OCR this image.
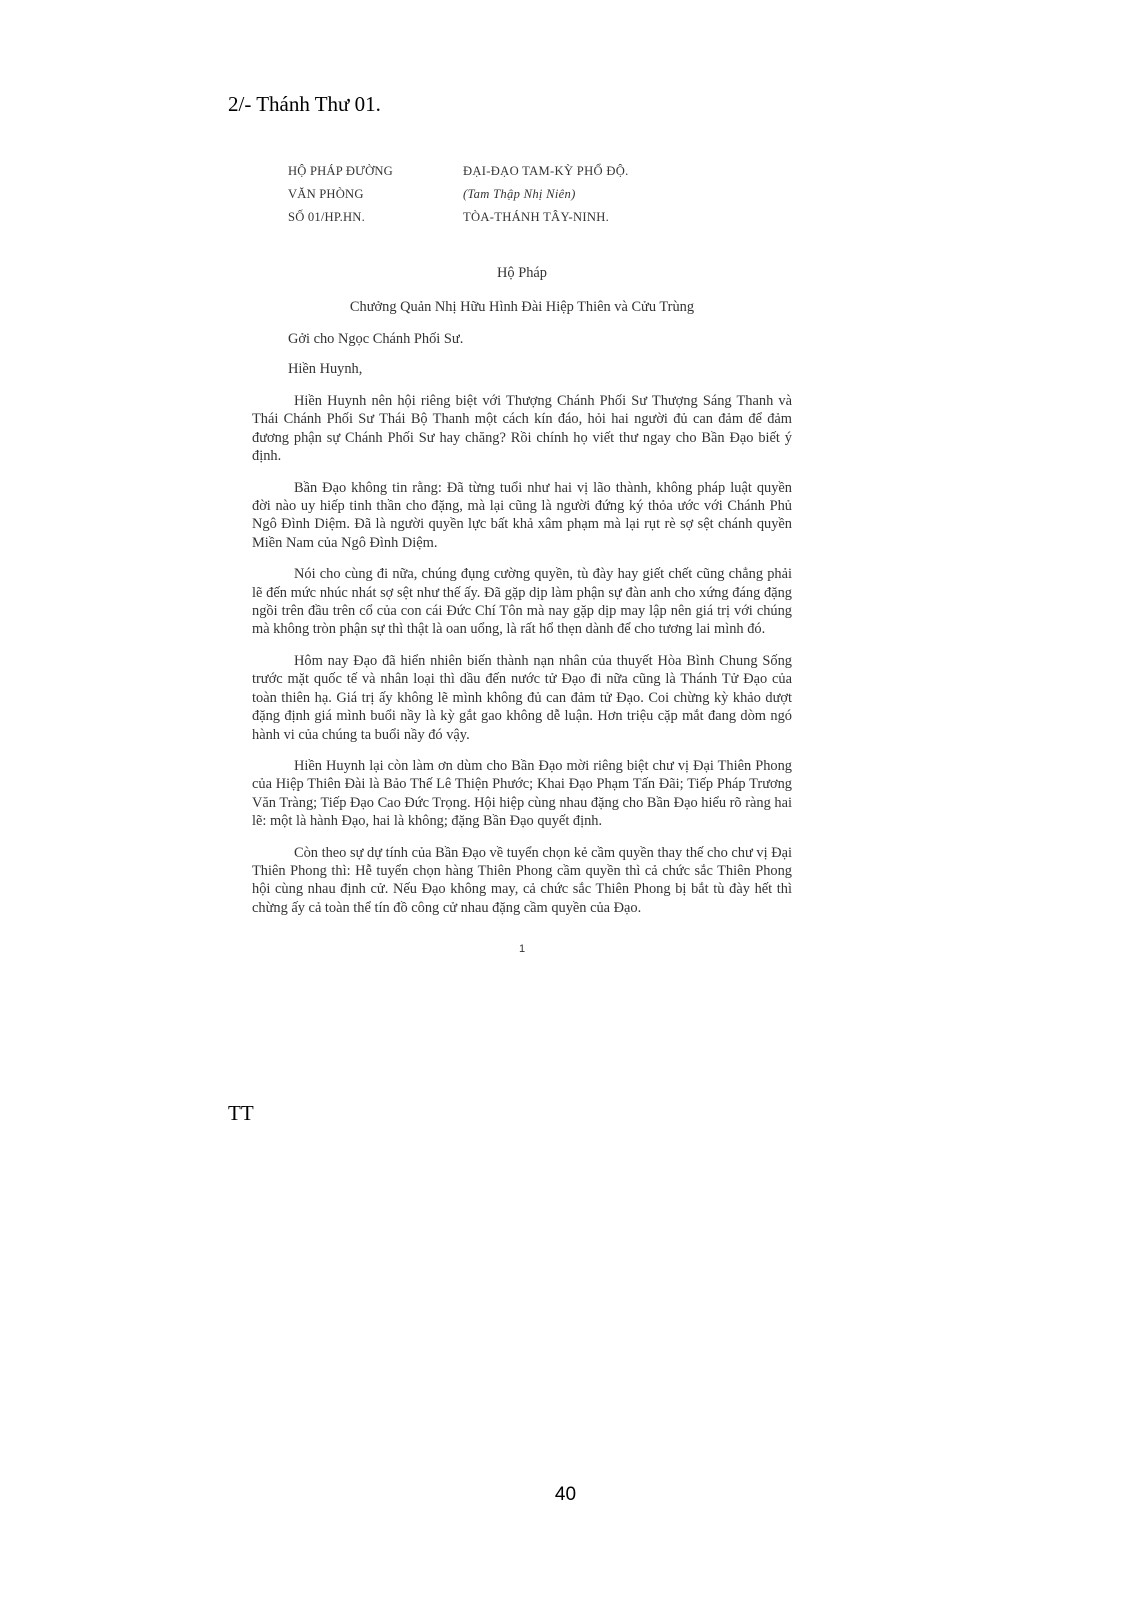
2/- Thánh Thư 01.
HỘ PHÁP ĐƯỜNG	ĐẠI-ĐẠO TAM-KỲ PHỔ ĐỘ.
VĂN PHÒNG	(Tam Thập Nhị Niên)
SỐ 01/HP.HN.	TÒA-THÁNH TÂY-NINH.
Hộ Pháp
Chưởng Quản Nhị Hữu Hình Đài Hiệp Thiên và Cửu Trùng
Gởi cho Ngọc Chánh Phối Sư.
Hiền Huynh,
Hiền Huynh nên hội riêng biệt với Thượng Chánh Phối Sư Thượng Sáng Thanh và Thái Chánh Phối Sư Thái Bộ Thanh một cách kín đáo, hỏi hai người đủ can đảm để đảm đương phận sự Chánh Phối Sư hay chăng? Rồi chính họ viết thư ngay cho Bần Đạo biết ý định.
Bần Đạo không tin rằng: Đã từng tuổi như hai vị lão thành, không pháp luật quyền đời nào uy hiếp tinh thần cho đặng, mà lại cũng là người đứng ký thỏa ước với Chánh Phủ Ngô Đình Diệm. Đã là người quyền lực bất khả xâm phạm mà lại rụt rè sợ sệt chánh quyền Miền Nam của Ngô Đình Diệm.
Nói cho cùng đi nữa, chúng đụng cường quyền, tù đày hay giết chết cũng chẳng phải lẽ đến mức nhúc nhát sợ sệt như thế ấy. Đã gặp dịp làm phận sự đàn anh cho xứng đáng đặng ngồi trên đầu trên cổ của con cái Đức Chí Tôn mà nay gặp dịp may lập nên giá trị với chúng mà không tròn phận sự thì thật là oan uổng, là rất hổ thẹn dành để cho tương lai mình đó.
Hôm nay Đạo đã hiển nhiên biến thành nạn nhân của thuyết Hòa Bình Chung Sống trước mặt quốc tế và nhân loại thì dầu đến nước tử Đạo đi nữa cũng là Thánh Tử Đạo của toàn thiên hạ. Giá trị ấy không lẽ mình không đủ can đảm tử Đạo. Coi chừng kỳ khảo dượt đặng định giá mình buổi nầy là kỳ gắt gao không dễ luận. Hơn triệu cặp mắt đang dòm ngó hành vi của chúng ta buổi nầy đó vậy.
Hiền Huynh lại còn làm ơn dùm cho Bần Đạo mời riêng biệt chư vị Đại Thiên Phong của Hiệp Thiên Đài là Bảo Thế Lê Thiện Phước; Khai Đạo Phạm Tấn Đãi; Tiếp Pháp Trương Văn Tràng; Tiếp Đạo Cao Đức Trọng. Hội hiệp cùng nhau đặng cho Bần Đạo hiểu rõ ràng hai lẽ: một là hành Đạo, hai là không; đặng Bần Đạo quyết định.
Còn theo sự dự tính của Bần Đạo về tuyển chọn kẻ cầm quyền thay thế cho chư vị Đại Thiên Phong thì: Hễ tuyển chọn hàng Thiên Phong cầm quyền thì cả chức sắc Thiên Phong hội cùng nhau định cử. Nếu Đạo không may, cả chức sắc Thiên Phong bị bắt tù đày hết thì chừng ấy cả toàn thể tín đồ công cử nhau đặng cầm quyền của Đạo.
1
TT
40
